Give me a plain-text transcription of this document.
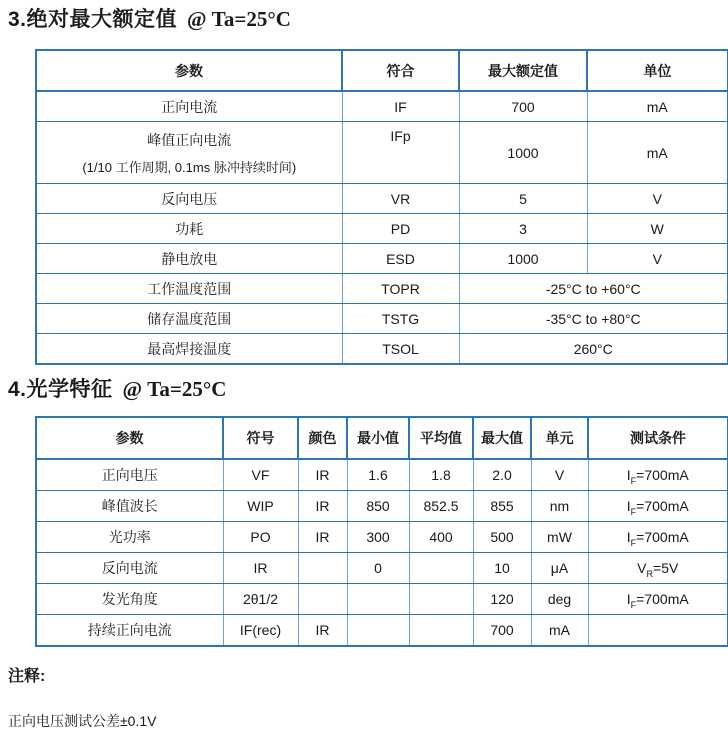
3.绝对最大额定值 @ Ta=25°C
参数	符合	最大额定值	单位
正向电流	IF	700	mA

峰值正向电流
(1/10 工作周期, 0.1ms 脉冲持续时间)	IFp	1000	mA
反向电压	VR	5	V
功耗	PD	3	W
静电放电	ESD	1000	V
工作温度范围	TOPR	-25°C to +60°C	
储存温度范围	TSTG	-35°C to +80°C	
最高焊接温度	TSOL	260°C	
4.光学特征 @ Ta=25°C
参数	符号	颜色	最小值	平均值	最大值	单元	测试条件
正向电压	VF	IR	1.6	1.8	2.0	V	$I_F=700mA$
峰值波长	WIP	IR	850	852.5	855	nm	$I_F=700mA$
光功率	PO	IR	300	400	500	mW	$I_F=700mA$
反向电流	IR		0		10	μA	$V_R=5V$
发光角度	2θ1/2				120	deg	$I_F=700mA$
持续正向电流	IF(rec)	IR			700	mA	
注释:
正向电压测试公差±0.1V
